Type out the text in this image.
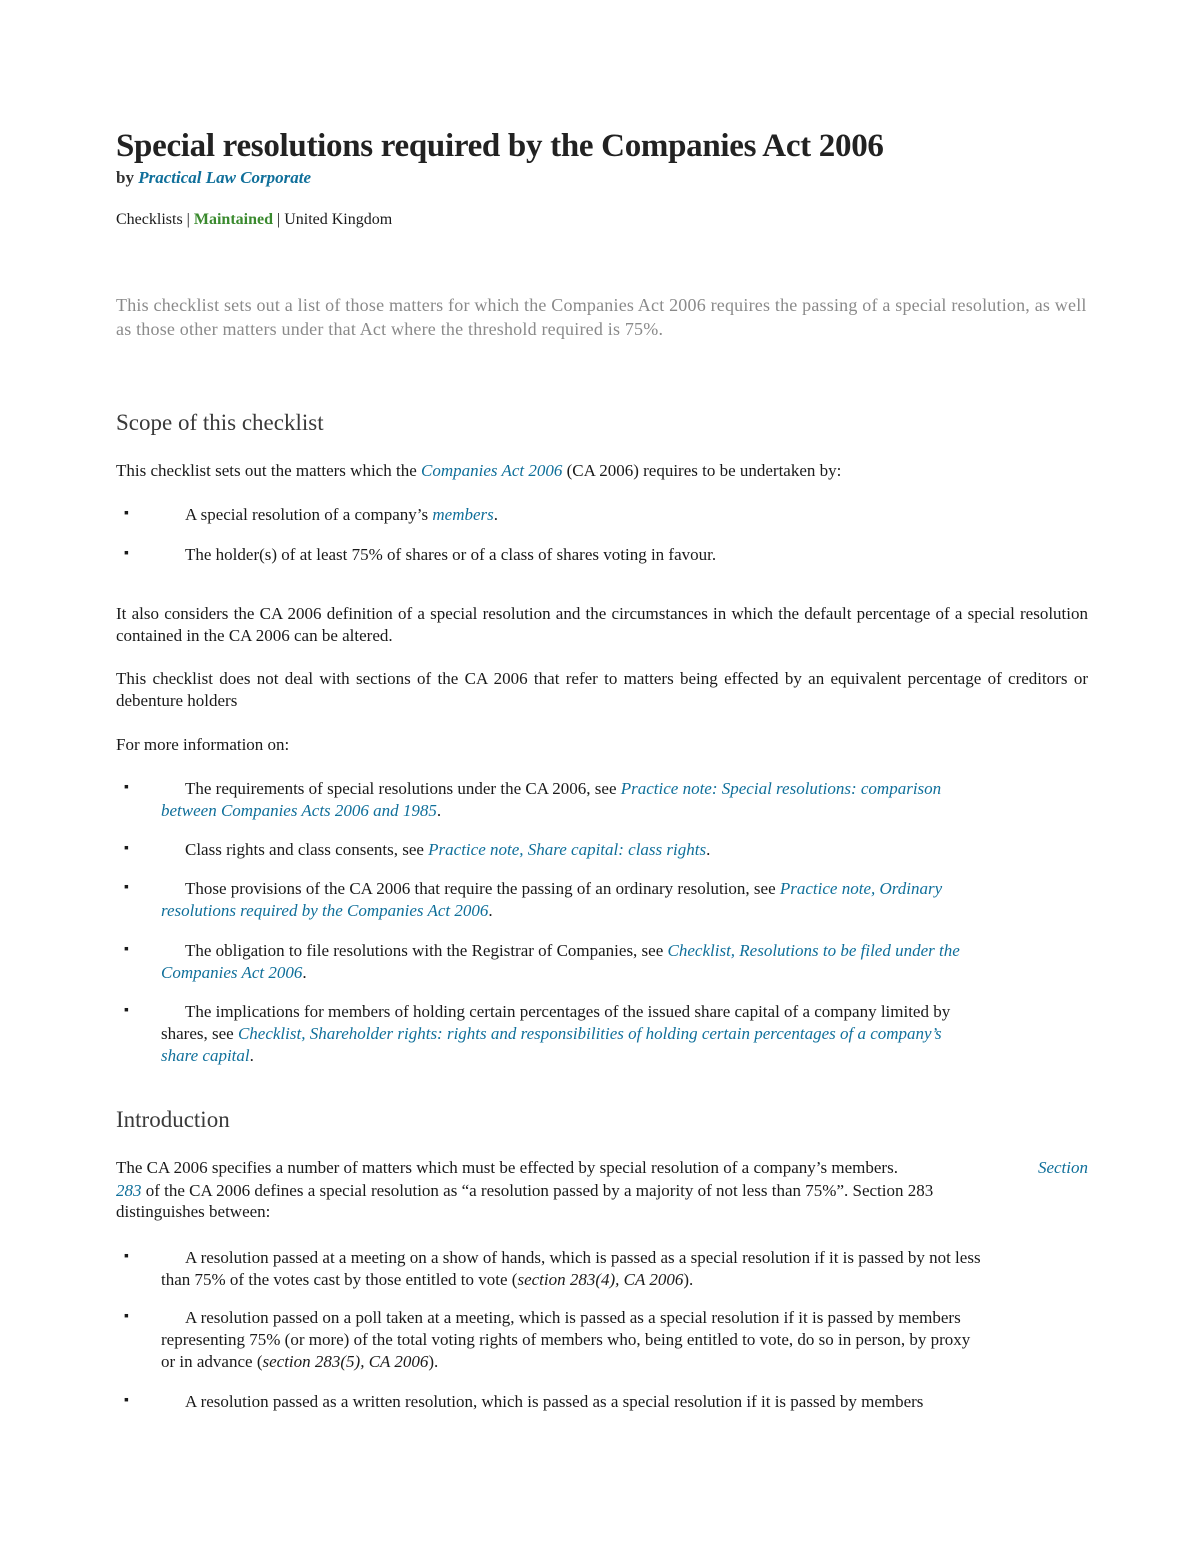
Special resolutions required by the Companies Act 2006
by Practical Law Corporate
Checklists | Maintained | United Kingdom
This checklist sets out a list of those matters for which the Companies Act 2006 requires the passing of a special resolution, as well as those other matters under that Act where the threshold required is 75%.
Scope of this checklist
This checklist sets out the matters which the Companies Act 2006 (CA 2006) requires to be undertaken by:
▪	A special resolution of a company’s members.
▪	The holder(s) of at least 75% of shares or of a class of shares voting in favour.
It also considers the CA 2006 definition of a special resolution and the circumstances in which the default percentage of a special resolution contained in the CA 2006 can be altered.
This checklist does not deal with sections of the CA 2006 that refer to matters being effected by an equivalent percentage of creditors or debenture holders
For more information on:
▪	The requirements of special resolutions under the CA 2006, see Practice note: Special resolutions: comparison
between Companies Acts 2006 and 1985.
▪	Class rights and class consents, see Practice note, Share capital: class rights.
▪	Those provisions of the CA 2006 that require the passing of an ordinary resolution, see Practice note, Ordinary
resolutions required by the Companies Act 2006.
▪	The obligation to file resolutions with the Registrar of Companies, see Checklist, Resolutions to be filed under the
Companies Act 2006.
▪	The implications for members of holding certain percentages of the issued share capital of a company limited by
shares, see Checklist, Shareholder rights: rights and responsibilities of holding certain percentages of a company’s
share capital.
Introduction
The CA 2006 specifies a number of matters which must be effected by special resolution of a company’s members.	Section
283 of the CA 2006 defines a special resolution as “a resolution passed by a majority of not less than 75%”. Section 283
distinguishes between:
▪	A resolution passed at a meeting on a show of hands, which is passed as a special resolution if it is passed by not less
than 75% of the votes cast by those entitled to vote (section 283(4), CA 2006).
▪	A resolution passed on a poll taken at a meeting, which is passed as a special resolution if it is passed by members
representing 75% (or more) of the total voting rights of members who, being entitled to vote, do so in person, by proxy
or in advance (section 283(5), CA 2006).
▪	A resolution passed as a written resolution, which is passed as a special resolution if it is passed by members
